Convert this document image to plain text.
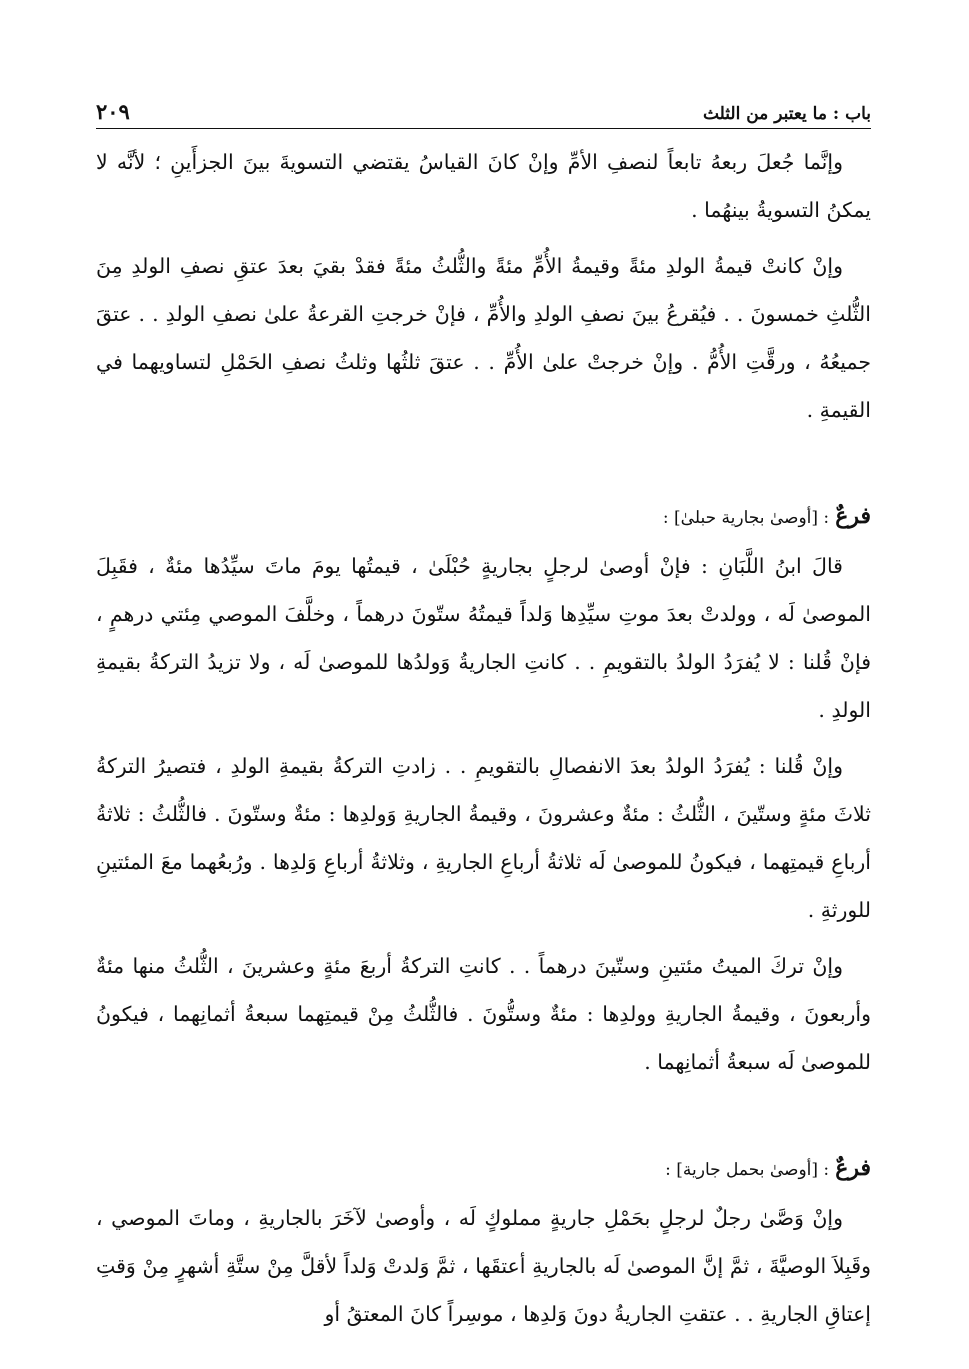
باب : ما يعتبر من الثلث
٢٠٩

وإنَّما جُعلَ ربعهُ تابعاً لنصفِ الأمِّ وإنْ كانَ القياسُ يقتضي التسويةَ بينَ الجزأَينِ ؛ لأنَّه لا يمكنُ التسويةُ بينهُما .

وإنْ كانتْ قيمةُ الولدِ مئةً وقيمةُ الأُمِّ مئةً والثُّلثُ مئةً فقدْ بقيَ بعدَ عتقِ نصفِ الولدِ مِنَ الثُّلثِ خمسونَ . . فيُقرعُ بينَ نصفِ الولدِ والأُمِّ ، فإنْ خرجتِ القرعةُ علىٰ نصفِ الولدِ . . عتقَ جميعُهُ ، ورقَّتِ الأُمُّ . وإنْ خرجتْ علىٰ الأُمِّ . . عتقَ ثلثُها وثلثُ نصفِ الحَمْلِ لتساويهما في القيمةِ .

فرعٌ : [أوصىٰ بجارية حبلىٰ] :

قالَ ابنُ اللَّبَانِ : فإنْ أوصىٰ لرجلٍ بجاريةٍ حُبْلَىٰ ، قيمتُها يومَ ماتَ سيِّدُها مئةٌ ، فقَبِلَ الموصىٰ لَه ، وولدتْ بعدَ موتِ سيِّدِها وَلداً قيمتُهُ ستّونَ درهماً ، وخلَّفَ الموصي مِئتي درهمٍ ، فإنْ قُلنا : لا يُفرَدُ الولدُ بالتقويمِ . . كانتِ الجاريةُ وَولدُها للموصىٰ لَه ، ولا تزيدُ التركةُ بقيمةِ الولدِ .

وإنْ قُلنا : يُفرَدُ الولدُ بعدَ الانفصالِ بالتقويمِ . . زادتِ التركةُ بقيمةِ الولدِ ، فتصيرُ التركةُ ثلاثَ مئةٍ وستّينَ ، الثُّلثُ : مئةٌ وعشرونَ ، وقيمةُ الجاريةِ وَولدِها : مئةٌ وستّونَ . فالثُّلثُ : ثلاثةُ أرباعِ قيمتِهما ، فيكونُ للموصىٰ لَه ثلاثةُ أرباعِ الجاريةِ ، وثلاثةُ أرباعِ وَلدِها . ورُبعُهما معَ المئتينِ للورثةِ .

وإنْ تركَ الميتُ مئتينِ وستّينَ درهماً . . كانتِ التركةُ أربعَ مئةٍ وعشرينَ ، الثُّلثُ منها مئةٌ وأربعونَ ، وقيمةُ الجاريةِ وولدِها : مئةٌ وستُّونَ . فالثُّلثُ مِنْ قيمتِهما سبعةُ أثمانِهما ، فيكونُ للموصىٰ لَه سبعةُ أثمانِهما .

فرعٌ : [أوصىٰ بحمل جارية] :

وإنْ وَصَّىٰ رجلٌ لرجلٍ بحَمْلِ جاريةٍ مملوكٍ لَه ، وأوصىٰ لآخَرَ بالجاريةِ ، وماتَ الموصي ، وقَبِلاَ الوصيَّةَ ، ثمَّ إنَّ الموصىٰ لَه بالجاريةِ أعتقَها ، ثمَّ وَلدتْ وَلداً لأقلَّ مِنْ ستَّةِ أشهرٍ مِنْ وَقتِ إعتاقِ الجاريةِ . . عتقتِ الجاريةُ دونَ وَلدِها ، موسِراً كانَ المعتقُ أو
